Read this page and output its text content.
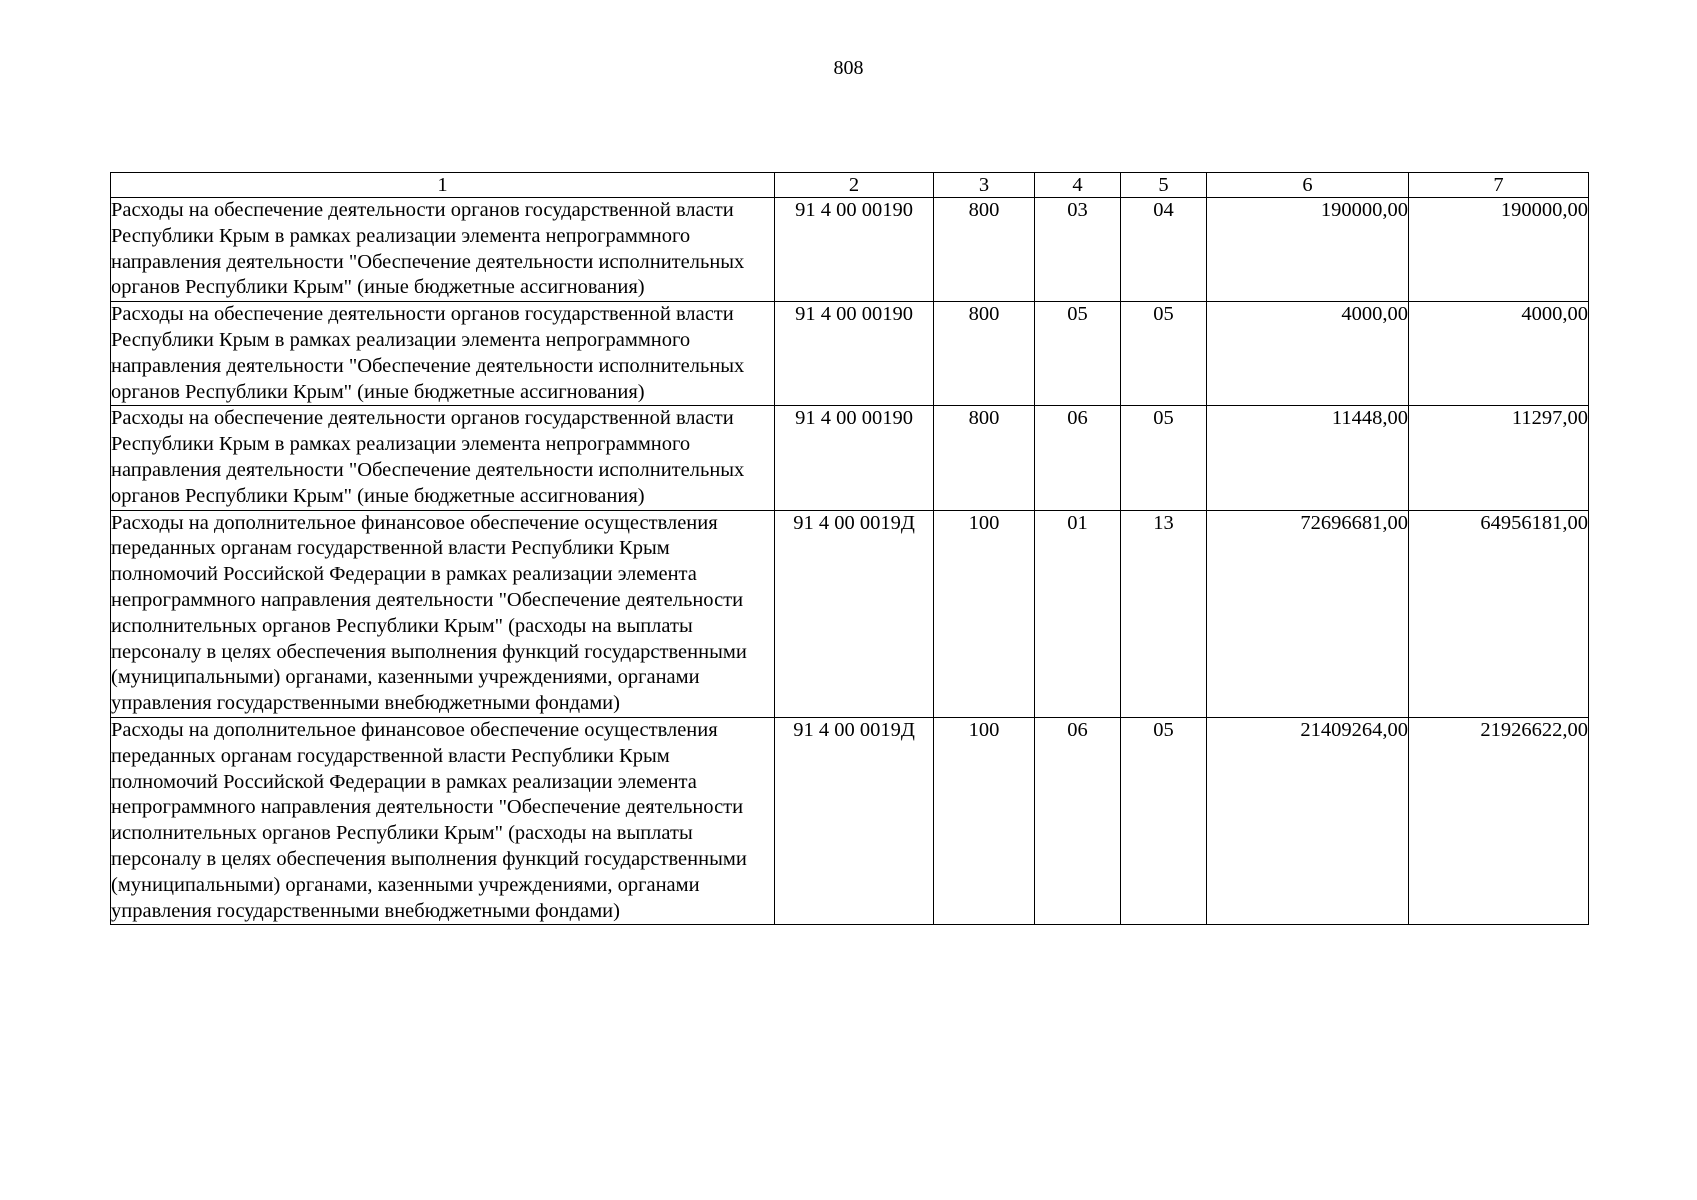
808
1	2	3	4	5	6	7
Расходы на обеспечение деятельности органов государственной власти Республики Крым в рамках реализации элемента непрограммного направления деятельности "Обеспечение деятельности исполнительных органов Республики Крым" (иные бюджетные ассигнования)	91 4 00 00190	800	03	04	190000,00	190000,00
Расходы на обеспечение деятельности органов государственной власти Республики Крым в рамках реализации элемента непрограммного направления деятельности "Обеспечение деятельности исполнительных органов Республики Крым" (иные бюджетные ассигнования)	91 4 00 00190	800	05	05	4000,00	4000,00
Расходы на обеспечение деятельности органов государственной власти Республики Крым в рамках реализации элемента непрограммного направления деятельности "Обеспечение деятельности исполнительных органов Республики Крым" (иные бюджетные ассигнования)	91 4 00 00190	800	06	05	11448,00	11297,00
Расходы на дополнительное финансовое обеспечение осуществления переданных органам государственной власти Республики Крым полномочий Российской Федерации в рамках реализации элемента непрограммного направления деятельности "Обеспечение деятельности исполнительных органов Республики Крым" (расходы на выплаты персоналу в целях обеспечения выполнения функций государственными (муниципальными) органами, казенными учреждениями, органами управления государственными внебюджетными фондами)	91 4 00 0019Д	100	01	13	72696681,00	64956181,00
Расходы на дополнительное финансовое обеспечение осуществления переданных органам государственной власти Республики Крым полномочий Российской Федерации в рамках реализации элемента непрограммного направления деятельности "Обеспечение деятельности исполнительных органов Республики Крым" (расходы на выплаты персоналу в целях обеспечения выполнения функций государственными (муниципальными) органами, казенными учреждениями, органами управления государственными внебюджетными фондами)	91 4 00 0019Д	100	06	05	21409264,00	21926622,00
